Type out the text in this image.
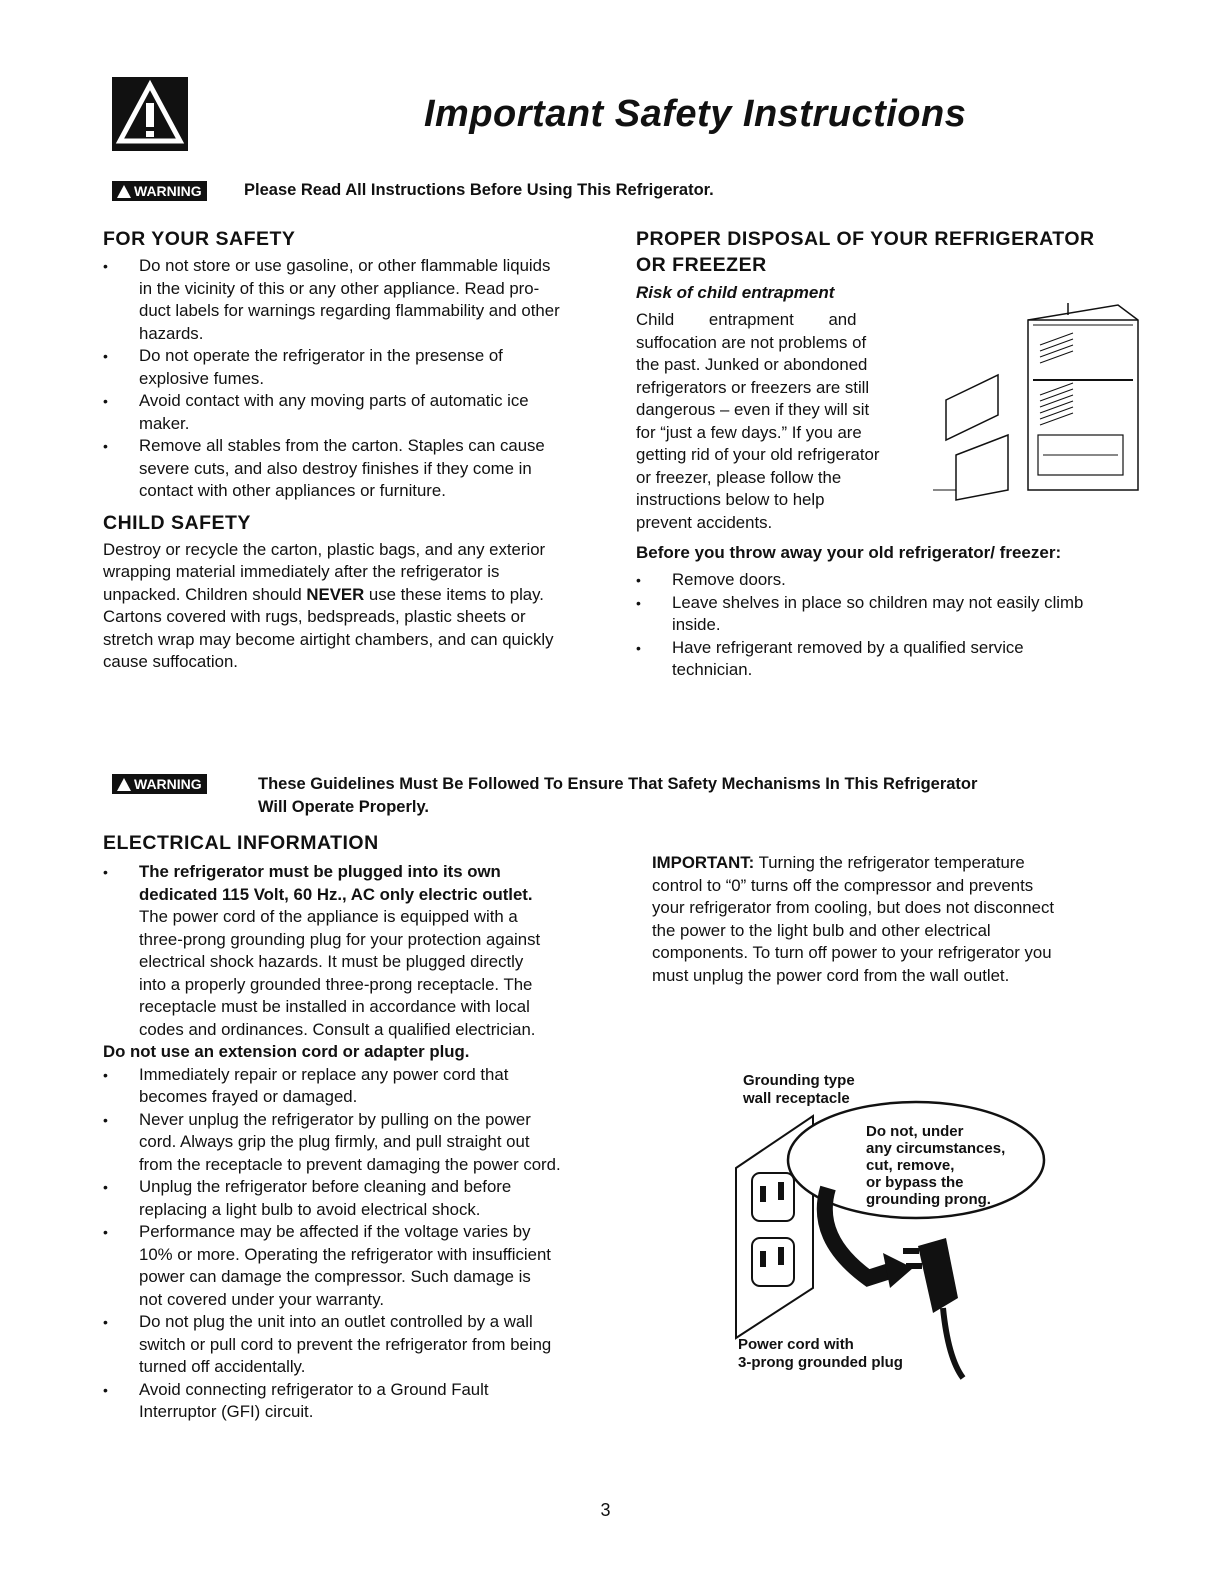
Important Safety Instructions
WARNING	Please Read All Instructions Before Using This Refrigerator.
FOR YOUR SAFETY
• Do not store or use gasoline, or other flammable liquids
in the vicinity of this or any other appliance. Read pro-
duct labels for warnings regarding flammability and other
hazards.
• Do not operate the refrigerator in the presense of
explosive fumes.
• Avoid contact with any moving parts of automatic ice
maker.
• Remove all stables from the carton. Staples can cause
severe cuts, and also destroy finishes if they come in
contact with other appliances or furniture.
CHILD SAFETY
Destroy or recycle the carton, plastic bags, and any exterior
wrapping material immediately after the refrigerator is
unpacked. Children should NEVER use these items to play.
Cartons covered with rugs, bedspreads, plastic sheets or
stretch wrap may become airtight chambers, and can quickly
cause suffocation.
PROPER DISPOSAL OF YOUR REFRIGERATOR
OR FREEZER
Risk of child entrapment
Child entrapment and
suffocation are not problems of
the past. Junked or abondoned
refrigerators or freezers are still
dangerous – even if they will sit
for “just a few days.” If you are
getting rid of your old refrigerator
or freezer, please follow the
instructions below to help
prevent accidents.
Before you throw away your old refrigerator/ freezer:
• Remove doors.
• Leave shelves in place so children may not easily climb
inside.
• Have refrigerant removed by a qualified service
technician.
WARNING	These Guidelines Must Be Followed To Ensure That Safety Mechanisms In This Refrigerator
Will Operate Properly.
ELECTRICAL INFORMATION
• The refrigerator must be plugged into its own
dedicated 115 Volt, 60 Hz., AC only electric outlet.
The power cord of the appliance is equipped with a
three-prong grounding plug for your protection against
electrical shock hazards. It must be plugged directly
into a properly grounded three-prong receptacle. The
receptacle must be installed in accordance with local
codes and ordinances. Consult a qualified electrician.
Do not use an extension cord or adapter plug.
• Immediately repair or replace any power cord that
becomes frayed or damaged.
• Never unplug the refrigerator by pulling on the power
cord. Always grip the plug firmly, and pull straight out
from the receptacle to prevent damaging the power cord.
• Unplug the refrigerator before cleaning and before
replacing a light bulb to avoid electrical shock.
• Performance may be affected if the voltage varies by
10% or more. Operating the refrigerator with insufficient
power can damage the compressor. Such damage is
not covered under your warranty.
• Do not plug the unit into an outlet controlled by a wall
switch or pull cord to prevent the refrigerator from being
turned off accidentally.
• Avoid connecting refrigerator to a Ground Fault
Interruptor (GFI) circuit.
IMPORTANT: Turning the refrigerator temperature
control to “0” turns off the compressor and prevents
your refrigerator from cooling, but does not disconnect
the power to the light bulb and other electrical
components. To turn off power to your refrigerator you
must unplug the power cord from the wall outlet.
Grounding type
wall receptacle
Do not, under
any circumstances,
cut, remove,
or bypass the
grounding prong.
Power cord with
3-prong grounded plug
3
